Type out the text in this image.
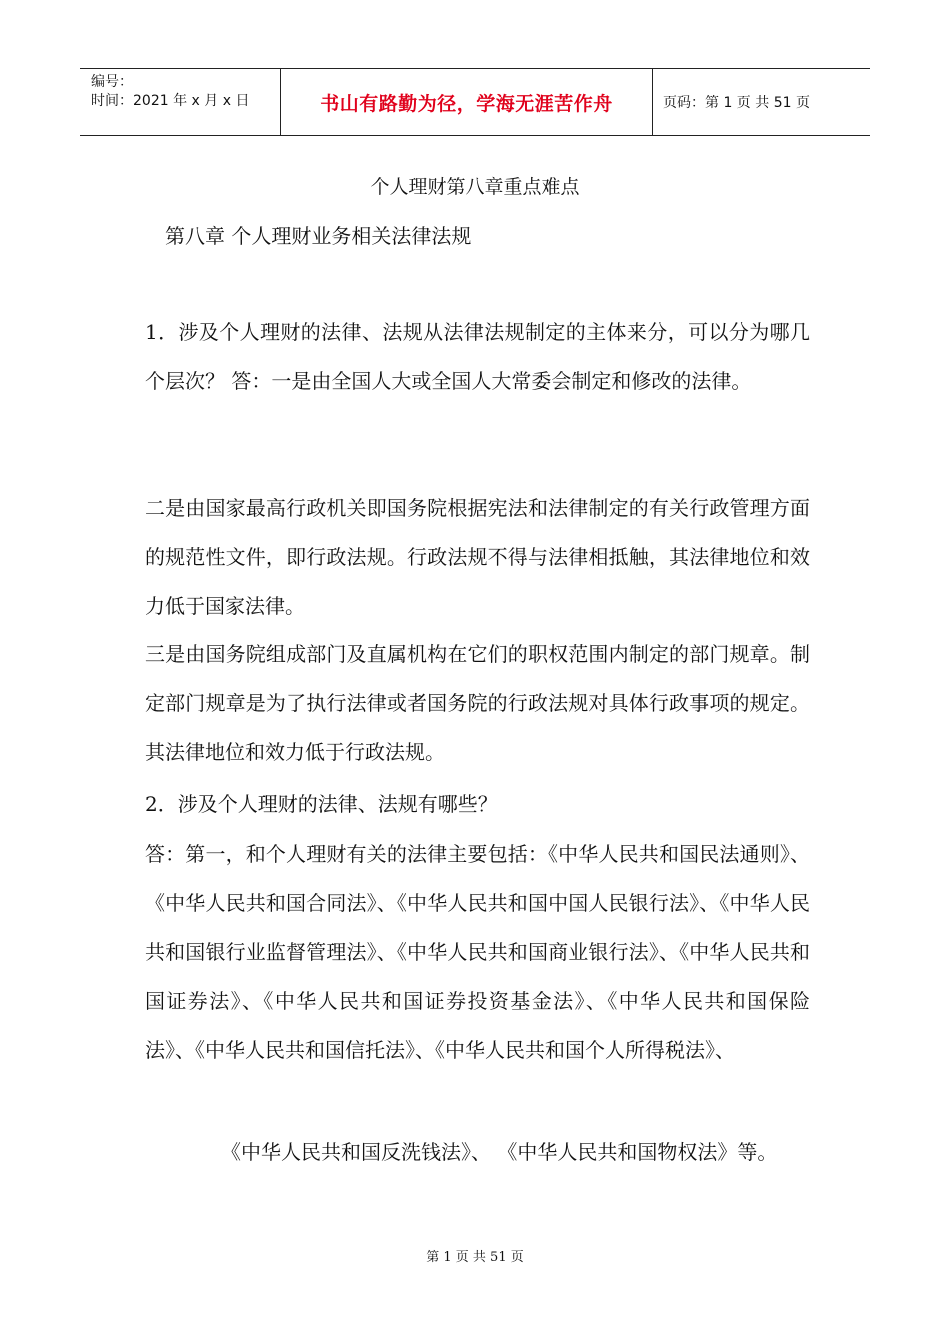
编号：
时间：2021 年 x 月 x 日	书山有路勤为径，学海无涯苦作舟	页码：第 1 页 共 51 页
个人理财第八章重点难点
第八章 个人理财业务相关法律法规

1．涉及个人理财的法律、法规从法律法规制定的主体来分，可以分为哪几个层次？ 答：一是由全国人大或全国人大常委会制定和修改的法律。

二是由国家最高行政机关即国务院根据宪法和法律制定的有关行政管理方面的规范性文件，即行政法规。行政法规不得与法律相抵触，其法律地位和效力低于国家法律。

三是由国务院组成部门及直属机构在它们的职权范围内制定的部门规章。制定部门规章是为了执行法律或者国务院的行政法规对具体行政事项的规定。其法律地位和效力低于行政法规。

2．涉及个人理财的法律、法规有哪些？

答：第一，和个人理财有关的法律主要包括：《中华人民共和国民法通则》、《中华人民共和国合同法》、《中华人民共和国中国人民银行法》、《中华人民共和国银行业监督管理法》、《中华人民共和国商业银行法》、《中华人民共和国证券法》、《中华人民共和国证券投资基金法》、《中华人民共和国保险法》、《中华人民共和国信托法》、《中华人民共和国个人所得税法》、

《中华人民共和国反洗钱法》、 《中华人民共和国物权法》等。

第 1 页 共 51 页
